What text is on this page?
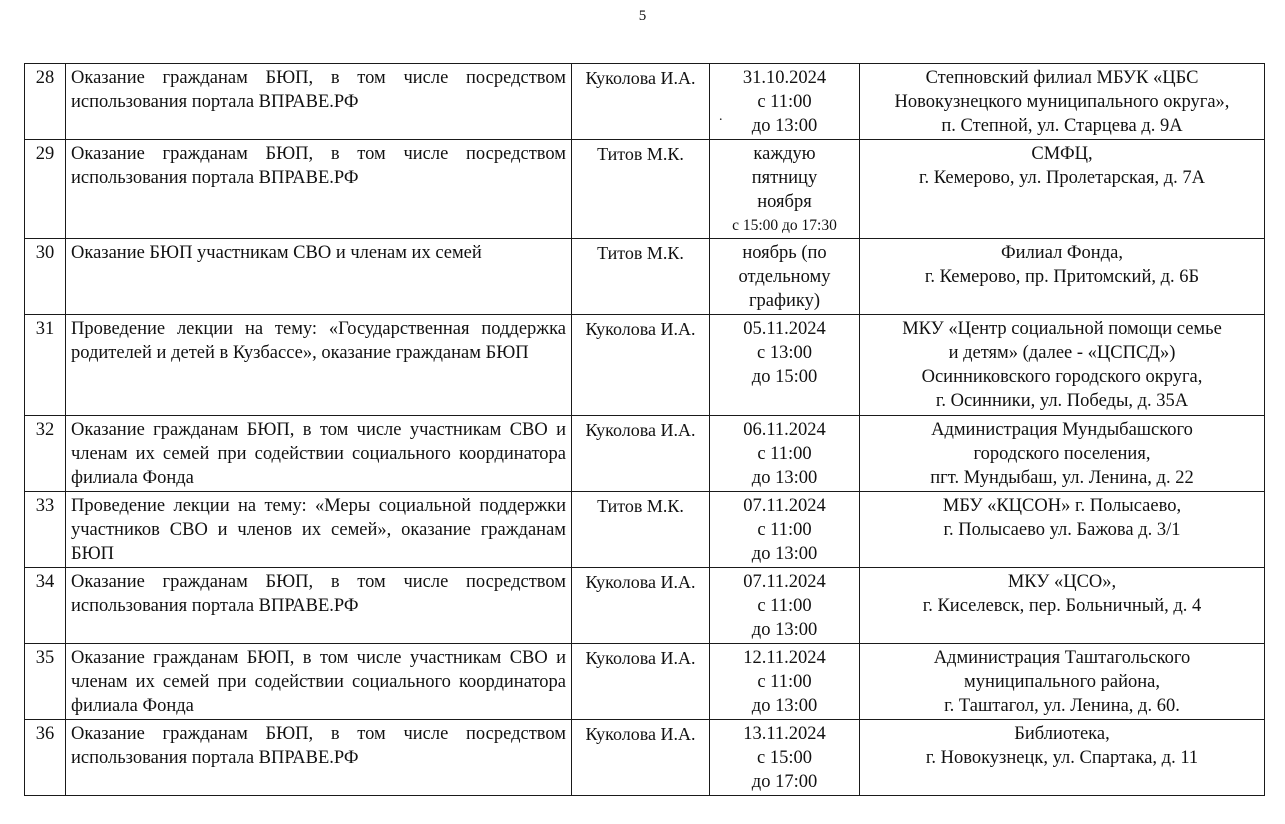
5
28	Оказание гражданам БЮП, в том числе посредством использования портала ВПРАВЕ.РФ	Куколова И.А.	31.10.2024
с 11:00
до 13:00	Степновский филиал МБУК «ЦБС
Новокузнецкого муниципального округа»,
п. Степной, ул. Старцева д. 9А

29	Оказание гражданам БЮП, в том числе посредством использования портала ВПРАВЕ.РФ	Титов М.К.	каждую
пятницу
ноября
с 15:00 до 17:30	СМФЦ,
г. Кемерово, ул. Пролетарская, д. 7А

30	Оказание БЮП участникам СВО и членам их семей	Титов М.К.	ноябрь (по
отдельному
графику)	Филиал Фонда,
г. Кемерово, пр. Притомский, д. 6Б

31	Проведение лекции на тему: «Государственная поддержка родителей и детей в Кузбассе», оказание гражданам БЮП	Куколова И.А.	05.11.2024
с 13:00
до 15:00	МКУ «Центр социальной помощи семье
и детям» (далее - «ЦСПСД»)
Осинниковского городского округа,
г. Осинники, ул. Победы, д. 35А

32	Оказание гражданам БЮП, в том числе участникам СВО и членам их семей при содействии социального координатора филиала Фонда	Куколова И.А.	06.11.2024
с 11:00
до 13:00	Администрация Мундыбашского
городского поселения,
пгт. Мундыбаш, ул. Ленина, д. 22

33	Проведение лекции на тему: «Меры социальной поддержки участников СВО и членов их семей», оказание гражданам БЮП	Титов М.К.	07.11.2024
с 11:00
до 13:00	МБУ «КЦСОН» г. Полысаево,
г. Полысаево ул. Бажова д. 3/1

34	Оказание гражданам БЮП, в том числе посредством использования портала ВПРАВЕ.РФ	Куколова И.А.	07.11.2024
с 11:00
до 13:00	МКУ «ЦСО»,
г. Киселевск, пер. Больничный, д. 4

35	Оказание гражданам БЮП, в том числе участникам СВО и членам их семей при содействии социального координатора филиала Фонда	Куколова И.А.	12.11.2024
с 11:00
до 13:00	Администрация Таштагольского
муниципального района,
г. Таштагол, ул. Ленина, д. 60.

36	Оказание гражданам БЮП, в том числе посредством использования портала ВПРАВЕ.РФ	Куколова И.А.	13.11.2024
с 15:00
до 17:00	Библиотека,
г. Новокузнецк, ул. Спартака, д. 11
.
